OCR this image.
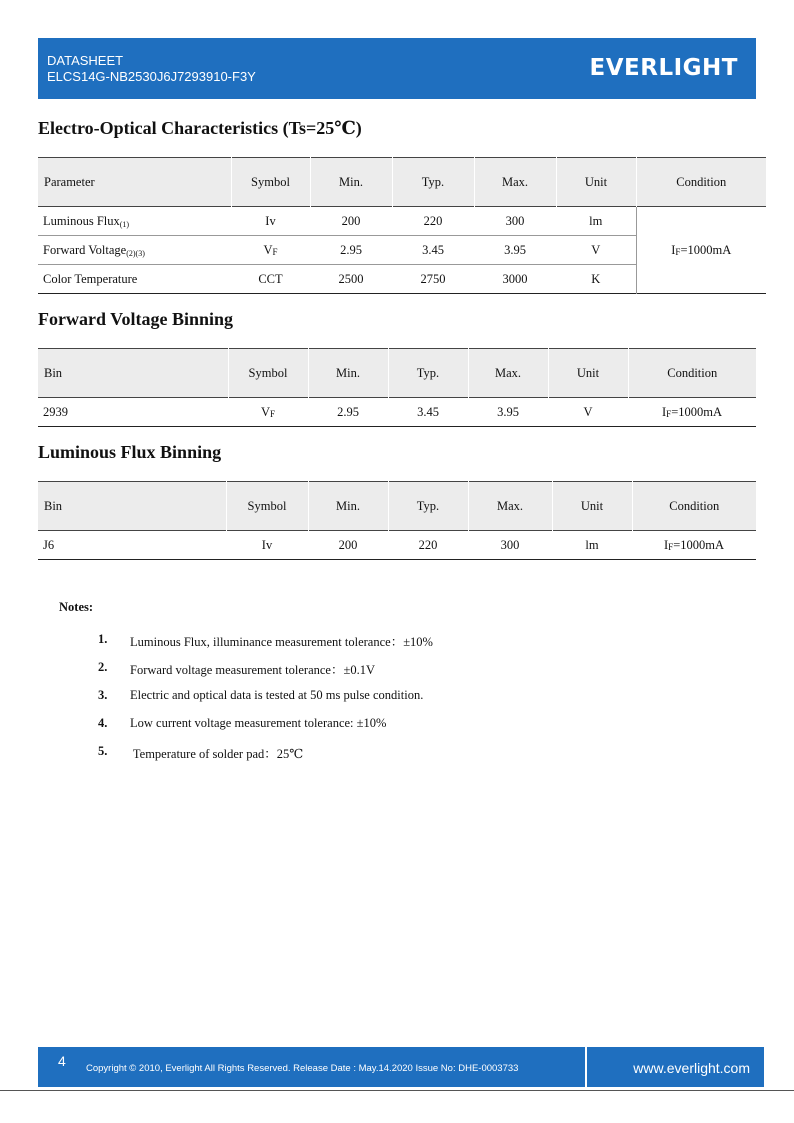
DATASHEET
ELCS14G-NB2530J6J7293910-F3Y	EVERLIGHT
Electro-Optical Characteristics (Ts=25℃)
Parameter	Symbol	Min.	Typ.	Max.	Unit	Condition
Luminous Flux$_{(1)}$	Iv	200	220	300	lm	$I_F=1000mA$
Forward Voltage$_{(2)(3)}$	$V_F$	2.95	3.45	3.95	V	
Color Temperature	CCT	2500	2750	3000	K	
Forward Voltage Binning
Bin	Symbol	Min.	Typ.	Max.	Unit	Condition
2939	$V_F$	2.95	3.45	3.95	V	$I_F=1000mA$
Luminous Flux Binning
Bin	Symbol	Min.	Typ.	Max.	Unit	Condition
J6	Iv	200	220	300	lm	$I_F=1000mA$
Notes:
1. Luminous Flux, illuminance measurement tolerance：±10%
2. Forward voltage measurement tolerance：±0.1V
3. Electric and optical data is tested at 50 ms pulse condition.
4. Low current voltage measurement tolerance: ±10%
5. Temperature of solder pad：25℃
4 Copyright © 2010, Everlight All Rights Reserved. Release Date : May.14.2020 Issue No: DHE-0003733	www.everlight.com
